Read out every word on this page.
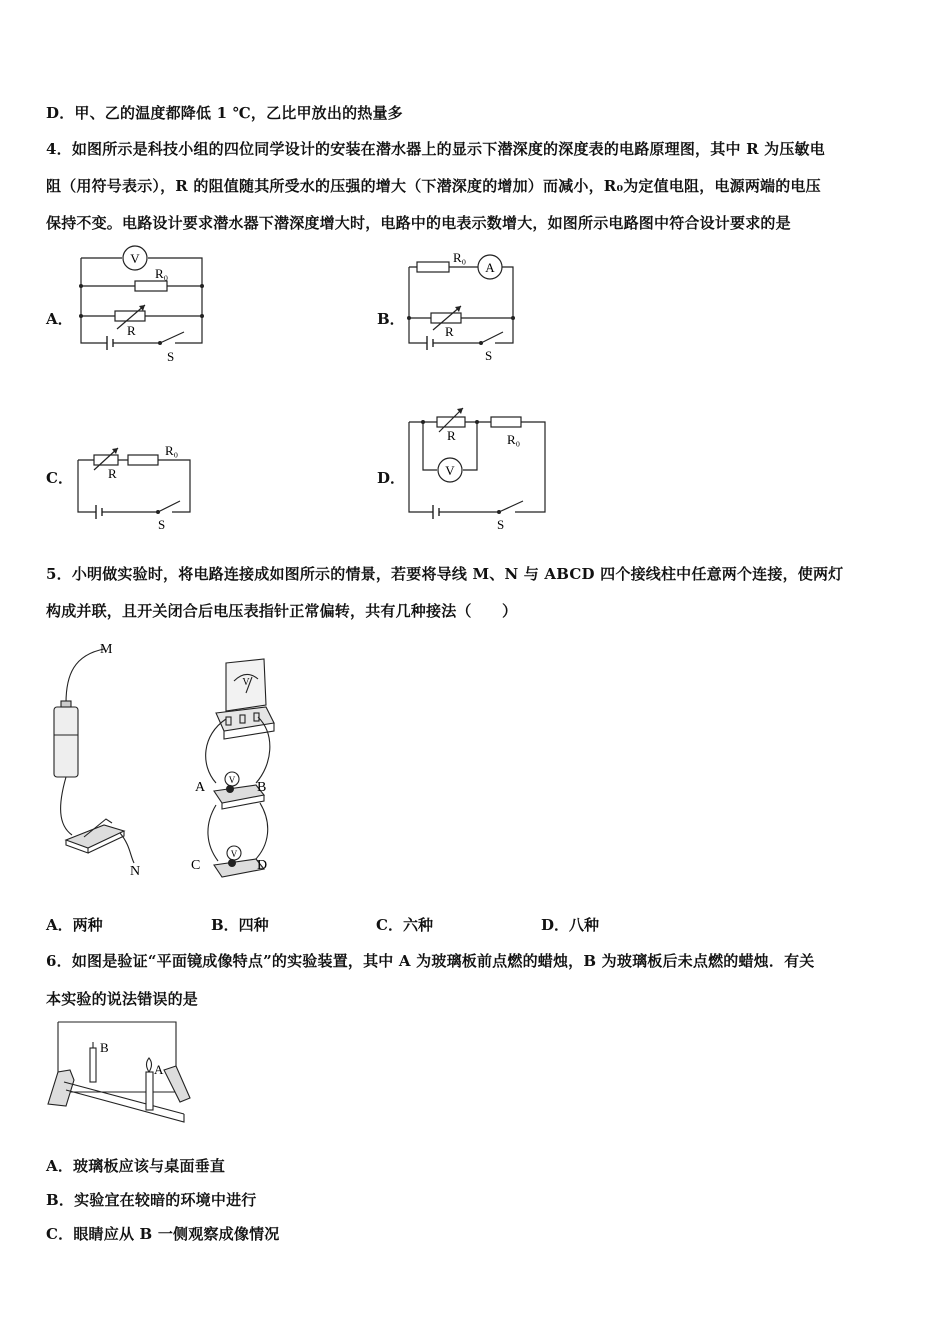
D．甲、乙的温度都降低 1 ℃，乙比甲放出的热量多
4．如图所示是科技小组的四位同学设计的安装在潜水器上的显示下潜深度的深度表的电路原理图，其中 R 为压敏电
阻（用符号表示），R 的阻值随其所受水的压强的增大（下潜深度的增加）而减小，R₀为定值电阻，电源两端的电压
保持不变。电路设计要求潜水器下潜深度增大时，电路中的电表示数增大，如图所示电路图中符合设计要求的是
A．	B．
C．	D．
V
R₀
R
S
R₀
A
R
S
R₀
R
S
R	R₀
V
S
5．小明做实验时，将电路连接成如图所示的情景，若要将导线 M、N 与 ABCD 四个接线柱中任意两个连接，使两灯
构成并联，且开关闭合后电压表指针正常偏转，共有几种接法（　　）
M
N
V
V
V
A	B
C	D
A．两种	B．四种	C．六种	D．八种
6．如图是验证“平面镜成像特点”的实验装置，其中 A 为玻璃板前点燃的蜡烛，B 为玻璃板后未点燃的蜡烛．有关
本实验的说法错误的是
B
A
A．玻璃板应该与桌面垂直
B．实验宜在较暗的环境中进行
C．眼睛应从 B 一侧观察成像情况
